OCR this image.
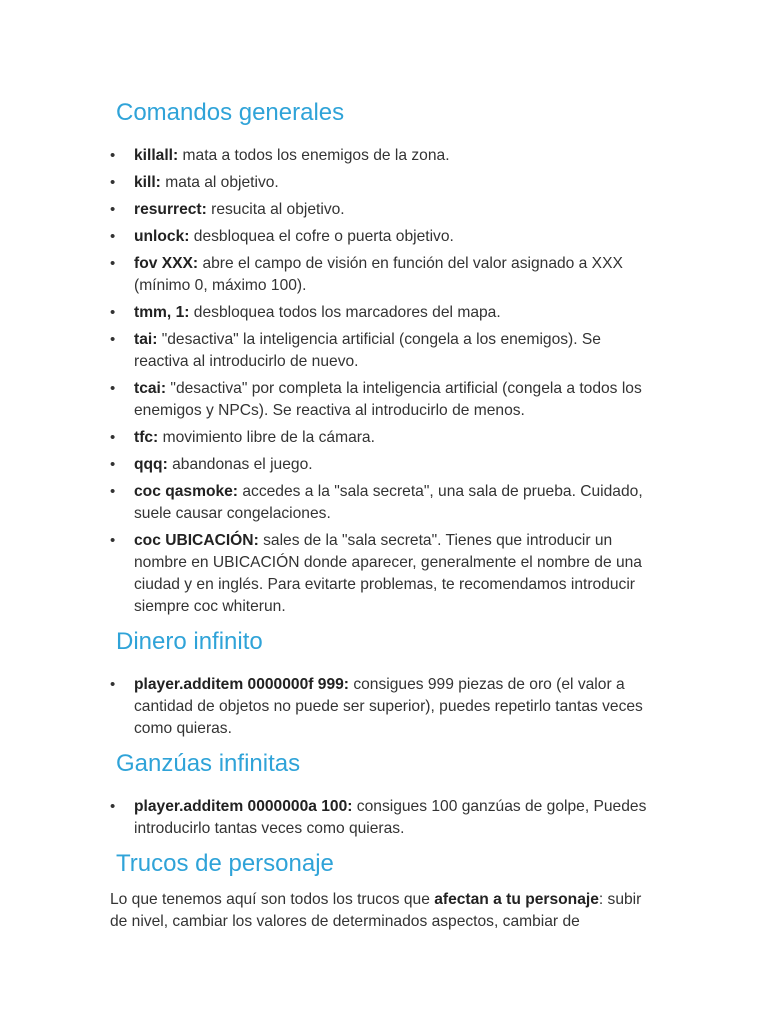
Comandos generales
• killall: mata a todos los enemigos de la zona.
• kill: mata al objetivo.
• resurrect: resucita al objetivo.
• unlock: desbloquea el cofre o puerta objetivo.
• fov XXX: abre el campo de visión en función del valor asignado a XXX (mínimo 0, máximo 100).
• tmm, 1: desbloquea todos los marcadores del mapa.
• tai: "desactiva" la inteligencia artificial (congela a los enemigos). Se reactiva al introducirlo de nuevo.
• tcai: "desactiva" por completa la inteligencia artificial (congela a todos los enemigos y NPCs). Se reactiva al introducirlo de menos.
• tfc: movimiento libre de la cámara.
• qqq: abandonas el juego.
• coc qasmoke: accedes a la "sala secreta", una sala de prueba. Cuidado, suele causar congelaciones.
• coc UBICACIÓN: sales de la "sala secreta". Tienes que introducir un nombre en UBICACIÓN donde aparecer, generalmente el nombre de una ciudad y en inglés. Para evitarte problemas, te recomendamos introducir siempre coc whiterun.
Dinero infinito
• player.additem 0000000f 999: consigues 999 piezas de oro (el valor a cantidad de objetos no puede ser superior), puedes repetirlo tantas veces como quieras.
Ganzúas infinitas
• player.additem 0000000a 100: consigues 100 ganzúas de golpe, Puedes introducirlo tantas veces como quieras.
Trucos de personaje

Lo que tenemos aquí son todos los trucos que afectan a tu personaje: subir de nivel, cambiar los valores de determinados aspectos, cambiar de
